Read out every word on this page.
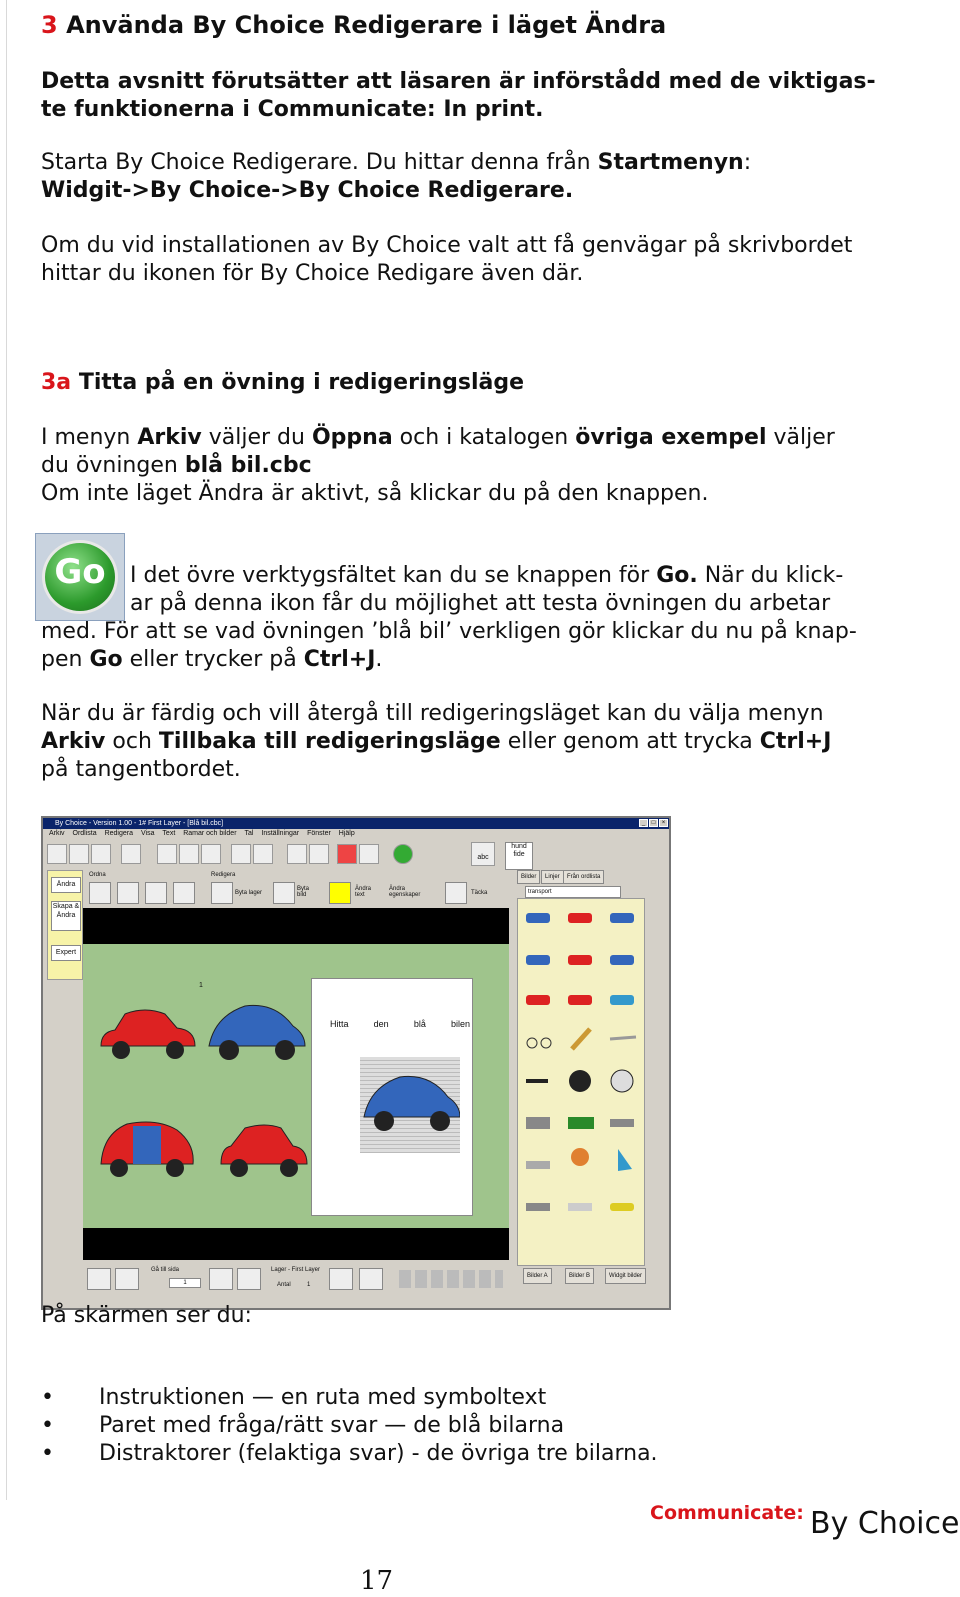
3 Använda By Choice Redigerare i läget Ändra

Detta avsnitt förutsätter att läsaren är införstådd med de viktigas-
te funktionerna i Communicate: In print.

Starta By Choice Redigerare. Du hittar denna från Startmenyn:
Widgit->By Choice->By Choice Redigerare.

Om du vid installationen av By Choice valt att få genvägar på skrivbordet
hittar du ikonen för By Choice Redigare även där.

3a Titta på en övning i redigeringsläge

I menyn Arkiv väljer du Öppna och i katalogen övriga exempel väljer
du övningen blå bil.cbc
Om inte läget Ändra är aktivt, så klickar du på den knappen.

Go	I det övre verktygsfältet kan du se knappen för Go. När du klick-
ar på denna ikon får du möjlighet att testa övningen du arbetar

med. För att se vad övningen ’blå bil’ verkligen gör klickar du nu på knap-
pen Go eller trycker på Ctrl+J.

När du är färdig och vill återgå till redigeringsläget kan du välja menyn
Arkiv och Tillbaka till redigeringsläge eller genom att trycka Ctrl+J
på tangentbordet.

By Choice - Version 1.00 - 1# First Layer - [Blå bil.cbc]	_	□	×
Arkiv Ordlista Redigera Visa Text Ramar och bilder Tal Inställningar Fönster Hjälp
abc
hund
fide
Ändra
Skapa & Ändra
Expert
Ordna	Redigera
Byta lager
Byta bild
Ändra text
Ändra egenskaper	Täcka
1
Hitta	den	blå	bilen
Gå till sida
1
Lager - First Layer
Antal	1
Bilder	Linjer	Från ordlista
transport
Bilder A	Bilder B	Widgit bilder

På skärmen ser du:

• Instruktionen — en ruta med symboltext
• Paret med fråga/rätt svar — de blå bilarna
• Distraktorer (felaktiga svar) - de övriga tre bilarna.
Communicate: By Choice
17
